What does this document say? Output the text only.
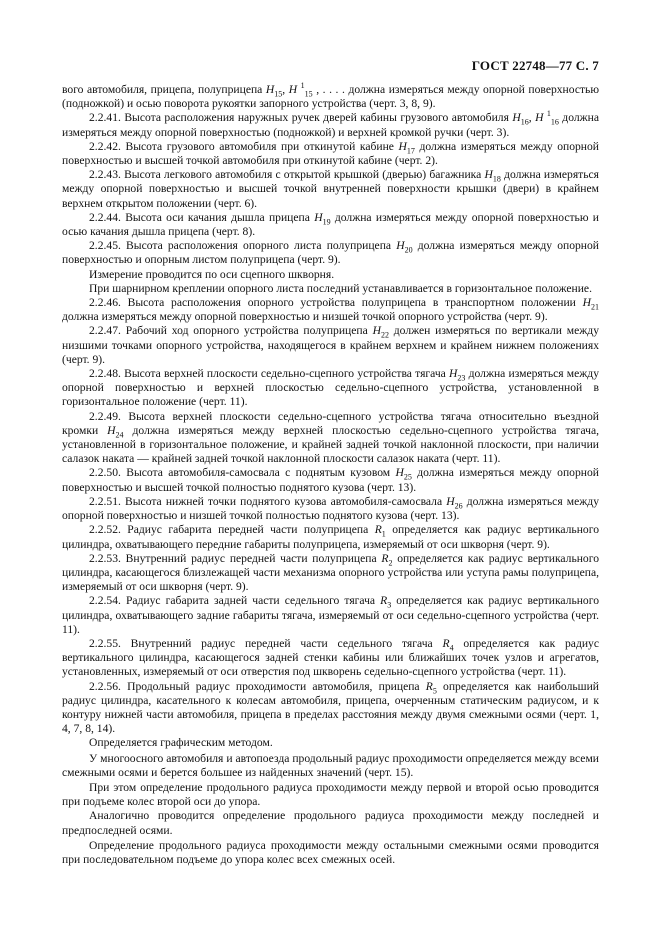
ГОСТ 22748—77 С. 7

вого автомобиля, прицепа, полуприцепа $Н_{15}$, Н $^1_{15}$ , . . . . должна измеряться между опорной поверхностью (подножкой) и осью поворота рукоятки запорного устройства (черт. 3, 8, 9).

2.2.41. Высота расположения наружных ручек дверей кабины грузового автомобиля $Н_{16}$, Н $^1_{16}$ должна измеряться между опорной поверхностью (подножкой) и верхней кромкой ручки (черт. 3).

2.2.42. Высота грузового автомобиля при откинутой кабине $Н_{17}$ должна измеряться между опорной поверхностью и высшей точкой автомобиля при откинутой кабине (черт. 2).

2.2.43. Высота легкового автомобиля с открытой крышкой (дверью) багажника $Н_{18}$ должна измеряться между опорной поверхностью и высшей точкой внутренней поверхности крышки (двери) в крайнем верхнем открытом положении (черт. 6).

2.2.44. Высота оси качания дышла прицепа $Н_{19}$ должна измеряться между опорной поверхностью и осью качания дышла прицепа (черт. 8).

2.2.45. Высота расположения опорного листа полуприцепа $Н_{20}$ должна измеряться между опорной поверхностью и опорным листом полуприцепа (черт. 9).

Измерение проводится по оси сцепного шкворня.

При шарнирном креплении опорного листа последний устанавливается в горизонтальное положение.

2.2.46. Высота расположения опорного устройства полуприцепа в транспортном положении $Н_{21}$ должна измеряться между опорной поверхностью и низшей точкой опорного устройства (черт. 9).

2.2.47. Рабочий ход опорного устройства полуприцепа $Н_{22}$ должен измеряться по вертикали между низшими точками опорного устройства, находящегося в крайнем верхнем и крайнем нижнем положениях (черт. 9).

2.2.48. Высота верхней плоскости седельно-сцепного устройства тягача $Н_{23}$ должна измеряться между опорной поверхностью и верхней плоскостью седельно-сцепного устройства, установленной в горизонтальное положение (черт. 11).

2.2.49. Высота верхней плоскости седельно-сцепного устройства тягача относительно въездной кромки $Н_{24}$ должна измеряться между верхней плоскостью седельно-сцепного устройства тягача, установленной в горизонтальное положение, и крайней задней точкой наклонной плоскости, при наличии салазок наката — крайней задней точкой наклонной плоскости салазок наката (черт. 11).

2.2.50. Высота автомобиля-самосвала с поднятым кузовом $Н_{25}$ должна измеряться между опорной поверхностью и высшей точкой полностью поднятого кузова (черт. 13).

2.2.51. Высота нижней точки поднятого кузова автомобиля-самосвала $Н_{26}$ должна измеряться между опорной поверхностью и низшей точкой полностью поднятого кузова (черт. 13).

2.2.52. Радиус габарита передней части полуприцепа $R_1$ определяется как радиус вертикального цилиндра, охватывающего передние габариты полуприцепа, измеряемый от оси шкворня (черт. 9).

2.2.53. Внутренний радиус передней части полуприцепа $R_2$ определяется как радиус вертикального цилиндра, касающегося близлежащей части механизма опорного устройства или уступа рамы полуприцепа, измеряемый от оси шкворня (черт. 9).

2.2.54. Радиус габарита задней части седельного тягача $R_3$ определяется как радиус вертикального цилиндра, охватывающего задние габариты тягача, измеряемый от оси седельно-сцепного устройства (черт. 11).

2.2.55. Внутренний радиус передней части седельного тягача $R_4$ определяется как радиус вертикального цилиндра, касающегося задней стенки кабины или ближайших точек узлов и агрегатов, установленных, измеряемый от оси отверстия под шкворень седельно-сцепного устройства (черт. 11).

2.2.56. Продольный радиус проходимости автомобиля, прицепа $R_5$ определяется как наибольший радиус цилиндра, касательного к колесам автомобиля, прицепа, очерченным статическим радиусом, и к контуру нижней части автомобиля, прицепа в пределах расстояния между двумя смежными осями (черт. 1, 4, 7, 8, 14).

Определяется графическим методом.

У многоосного автомобиля и автопоезда продольный радиус проходимости определяется между всеми смежными осями и берется большее из найденных значений (черт. 15).

При этом определение продольного радиуса проходимости между первой и второй осью проводится при подъеме колес второй оси до упора.

Аналогично проводится определение продольного радиуса проходимости между последней и предпоследней осями.

Определение продольного радиуса проходимости между остальными смежными осями проводится при последовательном подъеме до упора колес всех смежных осей.
